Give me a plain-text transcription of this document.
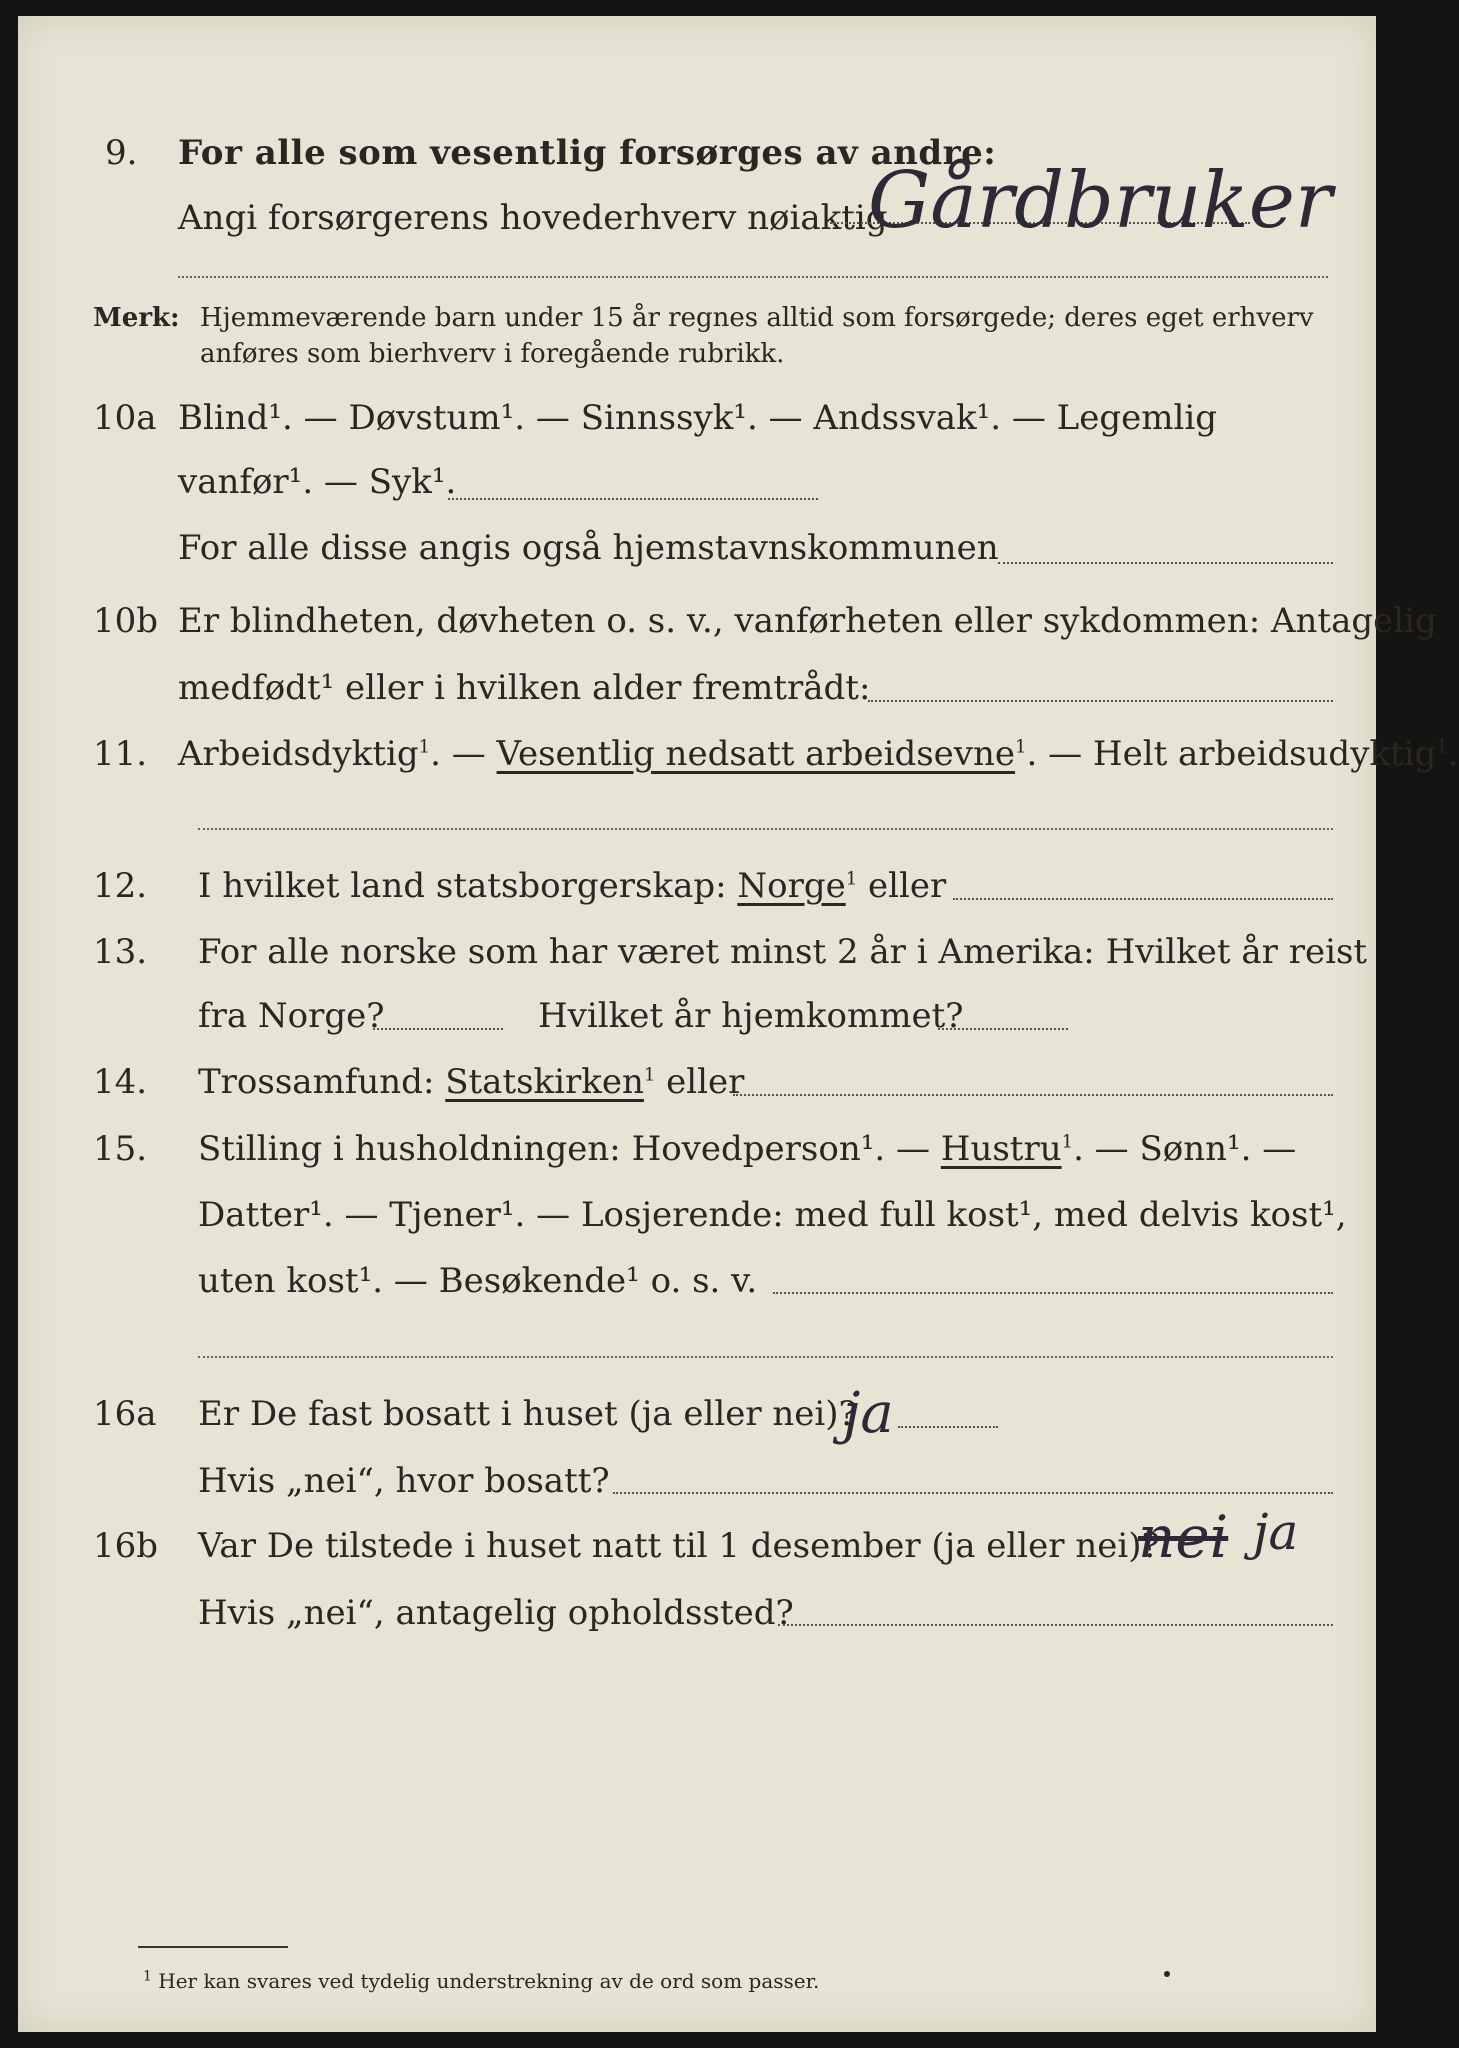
9. For alle som vesentlig forsørges av andre:
Angi forsørgerens hovederhverv nøiaktig
Gårdbruker
Merk: Hjemmeværende barn under 15 år regnes alltid som forsørgede; deres eget erhverv
anføres som bierhverv i foregående rubrikk.
10a Blind¹. — Døvstum¹. — Sinnssyk¹. — Andssvak¹. — Legemlig
vanfør¹. — Syk¹.
For alle disse angis også hjemstavnskommunen
10b Er blindheten, døvheten o. s. v., vanførheten eller sykdommen: Antagelig
medfødt¹ eller i hvilken alder fremtrådt:
11. Arbeidsdyktig$^1$. — Vesentlig nedsatt arbeidsevne$^1$. — Helt arbeidsudyktig$^1$.
12. I hvilket land statsborgerskap: Norge$^1$ eller
13. For alle norske som har været minst 2 år i Amerika: Hvilket år reist
fra Norge?	Hvilket år hjemkommet?
14. Trossamfund: Statskirken$^1$ eller
15. Stilling i husholdningen: Hovedperson¹. — Hustru$^1$. — Sønn¹. —
Datter¹. — Tjener¹. — Losjerende: med full kost¹, med delvis kost¹,
uten kost¹. — Besøkende¹ o. s. v.
16a Er De fast bosatt i huset (ja eller nei)?
ja
Hvis „nei“, hvor bosatt?
16b Var De tilstede i huset natt til 1 desember (ja eller nei)?
nei ja
Hvis „nei“, antagelig opholdssted?
$^1$ Her kan svares ved tydelig understrekning av de ord som passer.
